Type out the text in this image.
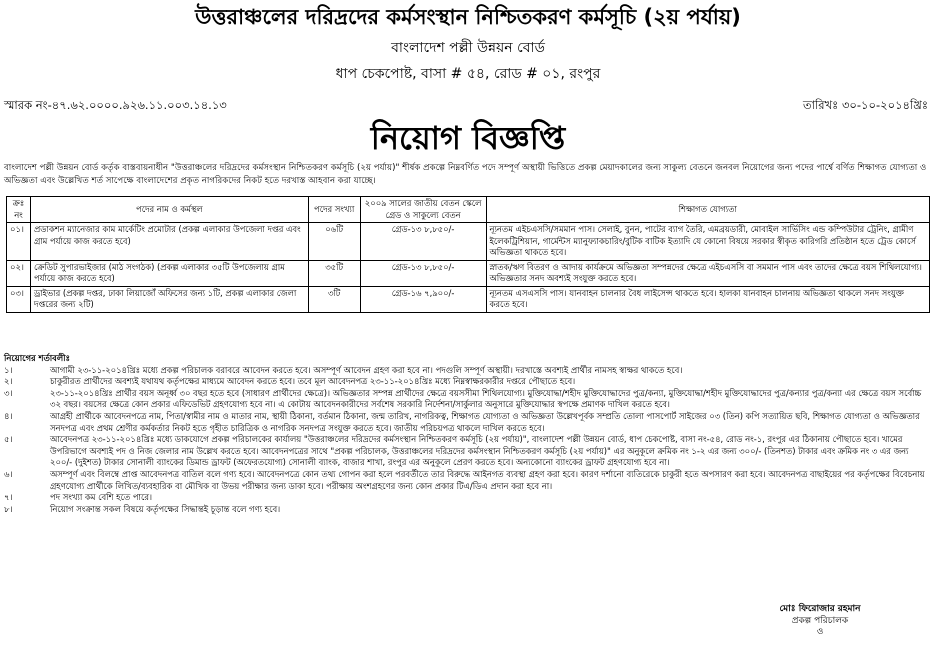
উত্তরাঞ্চলের দরিদ্রদের কর্মসংস্থান নিশ্চিতকরণ কর্মসূচি (২য় পর্যায়)
বাংলাদেশ পল্লী উন্নয়ন বোর্ড
ধাপ চেকপোষ্ট, বাসা # ৫৪, রোড # ০১, রংপুর
স্মারক নং-৪৭.৬২.০০০০.৯২৬.১১.০০৩.১৪.১৩	তারিখঃ ৩০-১০-২০১৪খ্রিঃ
নিয়োগ বিজ্ঞপ্তি
বাংলাদেশ পল্লী উন্নয়ন বোর্ড কর্তৃক বাস্তবায়নাধীন "উত্তরাঞ্চলের দরিদ্রদের কর্মসংস্থান নিশ্চিতকরণ কর্মসূচি (২য় পর্যায়)" শীর্ষক প্রকল্পে নিম্নবর্ণিত পদে সম্পূর্ণ অস্থায়ী ভিত্তিতে প্রকল্প মেয়াদকালের জন্য সাকুল্য বেতনে জনবল নিয়োগের জন্য পদের পার্শ্বে বর্ণিত শিক্ষাগত যোগ্যতা ও অভিজ্ঞতা এবং উল্লেখিত শর্ত সাপেক্ষে বাংলাদেশের প্রকৃত নাগরিকদের নিকট হতে দরখাস্ত আহবান করা যাচ্ছে।
ক্রঃ নং	পদের নাম ও কর্মস্থল	পদের সংখ্যা	২০০৯ সালের জাতীয় বেতন স্কেলে গ্রেড ও সাকুল্যে বেতন	শিক্ষাগত যোগ্যতা
০১।	প্রডাকশন ম্যানেজার কাম মার্কেটিং প্রমোটার (প্রকল্প এলাকার উপজেলা দপ্তর এবং গ্রাম পর্যায়ে কাজ করতে হবে)	০৬টি	গ্রেড-১৩ ৮,৮৫০/-	ন্যূনতম এইচএসসি/সমমান পাস। সেলাই, বুনন, পাটের ব্যাগ তৈরি, এমব্রয়ডারী, মোবাইল সার্ভিসিং এন্ড কম্পিউটার ট্রেনিং, গ্রামীণ ইলেকট্রিশিয়ান, গার্মেন্টস ম্যানুফ্যাকচারিং/বুটিক বাটিক ইত্যাদি যে কোনো বিষয়ে সরকার স্বীকৃত কারিগরি প্রতিষ্ঠান হতে ট্রেড কোর্সে অভিজ্ঞতা থাকতে হবে।
০২।	ক্রেডিট সুপারভাইজার (মাঠ সংগঠক) (প্রকল্প এলাকার ৩৫টি উপজেলায় গ্রাম পর্যায়ে কাজ করতে হবে)	৩৫টি	গ্রেড-১৩ ৮,৮৫০/-	স্নাতক/ঋণ বিতরণ ও আদায় কার্যক্রমে অভিজ্ঞতা সম্পন্নদের ক্ষেত্রে এইচএসসি বা সমমান পাস এবং তাদের ক্ষেত্রে বয়স শিথিলযোগ্য। অভিজ্ঞতার সনদ অবশ্যই সংযুক্ত করতে হবে।
০৩।	ড্রাইভার (প্রকল্প দপ্তর, ঢাকা লিয়াজোঁ অফিসের জন্য ১টি, প্রকল্প এলাকার জেলা দপ্তরের জন্য ২টি)	৩টি	গ্রেড-১৬ ৭,৯০০/-	ন্যূনতম এসএসসি পাস। যানবাহন চালনার বৈধ লাইসেন্স থাকতে হবে। হালকা যানবাহন চালনায় অভিজ্ঞতা থাকলে সনদ সংযুক্ত করতে হবে।
নিয়োগের শর্তাবলীঃ
১।	আগামী ২৩-১১-২০১৪খ্রিঃ মধ্যে প্রকল্প পরিচালক বরাবরে আবেদন করতে হবে। অসম্পূর্ণ আবেদন গ্রহণ করা হবে না। পদগুলি সম্পূর্ণ অস্থায়ী। দরখাস্তে অবশ্যই প্রার্থীর নামসহ স্বাক্ষর থাকতে হবে।
২।	চাকুরীরত প্রার্থীদের অবশ্যই যথাযথ কর্তৃপক্ষের মাধ্যমে আবেদন করতে হবে। তবে মূল আবেদনপত্র ২৩-১১-২০১৪খ্রিঃ মধ্যে নিম্নস্বাক্ষরকারীর দপ্তরে পৌছাতে হবে।
৩।	২৩-১১-২০১৪খ্রিঃ প্রার্থীর বয়স অনূর্ধ্ব ৩০ বছর হতে হবে (সাধারণ প্রার্থীদের ক্ষেত্রে)। অভিজ্ঞতার সম্পন্ন প্রার্থীদের ক্ষেত্রে বয়সসীমা শিথিলযোগ্য। মুক্তিযোদ্ধা/শহীদ মুক্তিযোদ্ধাদের পুত্র/কন্যা, মুক্তিযোদ্ধা/শহীদ মুক্তিযোদ্ধাদের পুত্র/কন্যার পুত্র/কন্যা এর ক্ষেত্রে বয়স সর্বোচ্চ ৩২ বছর। বয়সের ক্ষেত্রে কোন প্রকার এফিডেভিট গ্রহণযোগ্য হবে না। এ কোটায় আবেদনকারীদের সর্বশেষ সরকারি নির্দেশনা/সার্কুলার অনুসারে মুক্তিযোদ্ধার স্বপক্ষে প্রমাণক দাখিল করতে হবে।
৪।	আগ্রহী প্রার্থীকে আবেদনপত্রে নাম, পিতা/স্বামীর নাম ও মাতার নাম, স্থায়ী ঠিকানা, বর্তমান ঠিকানা, জন্ম তারিখ, নাগরিকত্ব, শিক্ষাগত যোগ্যতা ও অভিজ্ঞতা উল্লেখপূর্বক সম্প্রতি তোলা পাসপোর্ট সাইজের ০৩ (তিন) কপি সত্যায়িত ছবি, শিক্ষাগত যোগ্যতা ও অভিজ্ঞতার সনদপত্র এবং প্রথম শ্রেণীর কর্মকর্তার নিকট হতে গৃহীত চারিত্রিক ও নাগরিক সনদপত্র সংযুক্ত করতে হবে। জাতীয় পরিচয়পত্র থাকলে দাখিল করতে হবে।
৫।	আবেদনপত্র ২৩-১১-২০১৪খ্রিঃ মধ্যে ডাকযোগে প্রকল্প পরিচালকের কার্যালয় "উত্তরাঞ্চলের দরিদ্রদের কর্মসংস্থান নিশ্চিতকরণ কর্মসূচি (২য় পর্যায়)", বাংলাদেশ পল্লী উন্নয়ন বোর্ড, ধাপ চেকপোষ্ট, বাসা নং-৫৪, রোড নং-১, রংপুর এর ঠিকানায় পৌছাতে হবে। খামের উপরিভাগে অবশ্যই পদ ও নিজ জেলার নাম উল্লেখ করতে হবে। আবেদনপত্রের সাথে "প্রকল্প পরিচালক, উত্তরাঞ্চলের দরিদ্রদের কর্মসংস্থান নিশ্চিতকরণ কর্মসূচি (২য় পর্যায়)" এর অনুকূলে ক্রমিক নং ১-২ এর জন্য ৩০০/- (তিনশত) টাকার এবং ক্রমিক নং ৩ এর জন্য ২০০/- (দুইশত) টাকার সোনালী ব্যাংকের ডিমান্ড ড্রাফট (অফেরতযোগ্য) সোনালী ব্যাংক, বাজার শাখা, রংপুর এর অনুকূলে প্রেরণ করতে হবে। অন্যকোনো ব্যাংকের ড্রাফট গ্রহণযোগ্য হবে না।
৬।	অসম্পূর্ণ এবং বিলম্বে প্রাপ্ত আবেদনপত্র বাতিল বলে গণ্য হবে। আবেদনপত্রে কোন তথ্য গোপন করা হলে পরবর্তীতে তার বিরুদ্ধে আইনগত ব্যবস্থা গ্রহণ করা হবে। কারণ দর্শানো ব্যতিরেকে চাকুরী হতে অপসারণ করা হবে। আবেদনপত্র বাছাইয়ের পর কর্তৃপক্ষের বিবেচনায় গ্রহণযোগ্য প্রার্থীকে লিখিত/ব্যবহারিক বা মৌখিক বা উভয় পরীক্ষার জন্য ডাকা হবে। পরীক্ষায় অংশগ্রহণের জন্য কোন প্রকার টিএ/ডিএ প্রদান করা হবে না।
৭।	পদ সংখ্যা কম বেশি হতে পারে।
৮।	নিয়োগ সংক্রান্ত সকল বিষয়ে কর্তৃপক্ষের সিদ্ধান্তই চূড়ান্ত বলে গণ্য হবে।
মোঃ ফিরোজার রহমান
প্রকল্প পরিচালক
ও
